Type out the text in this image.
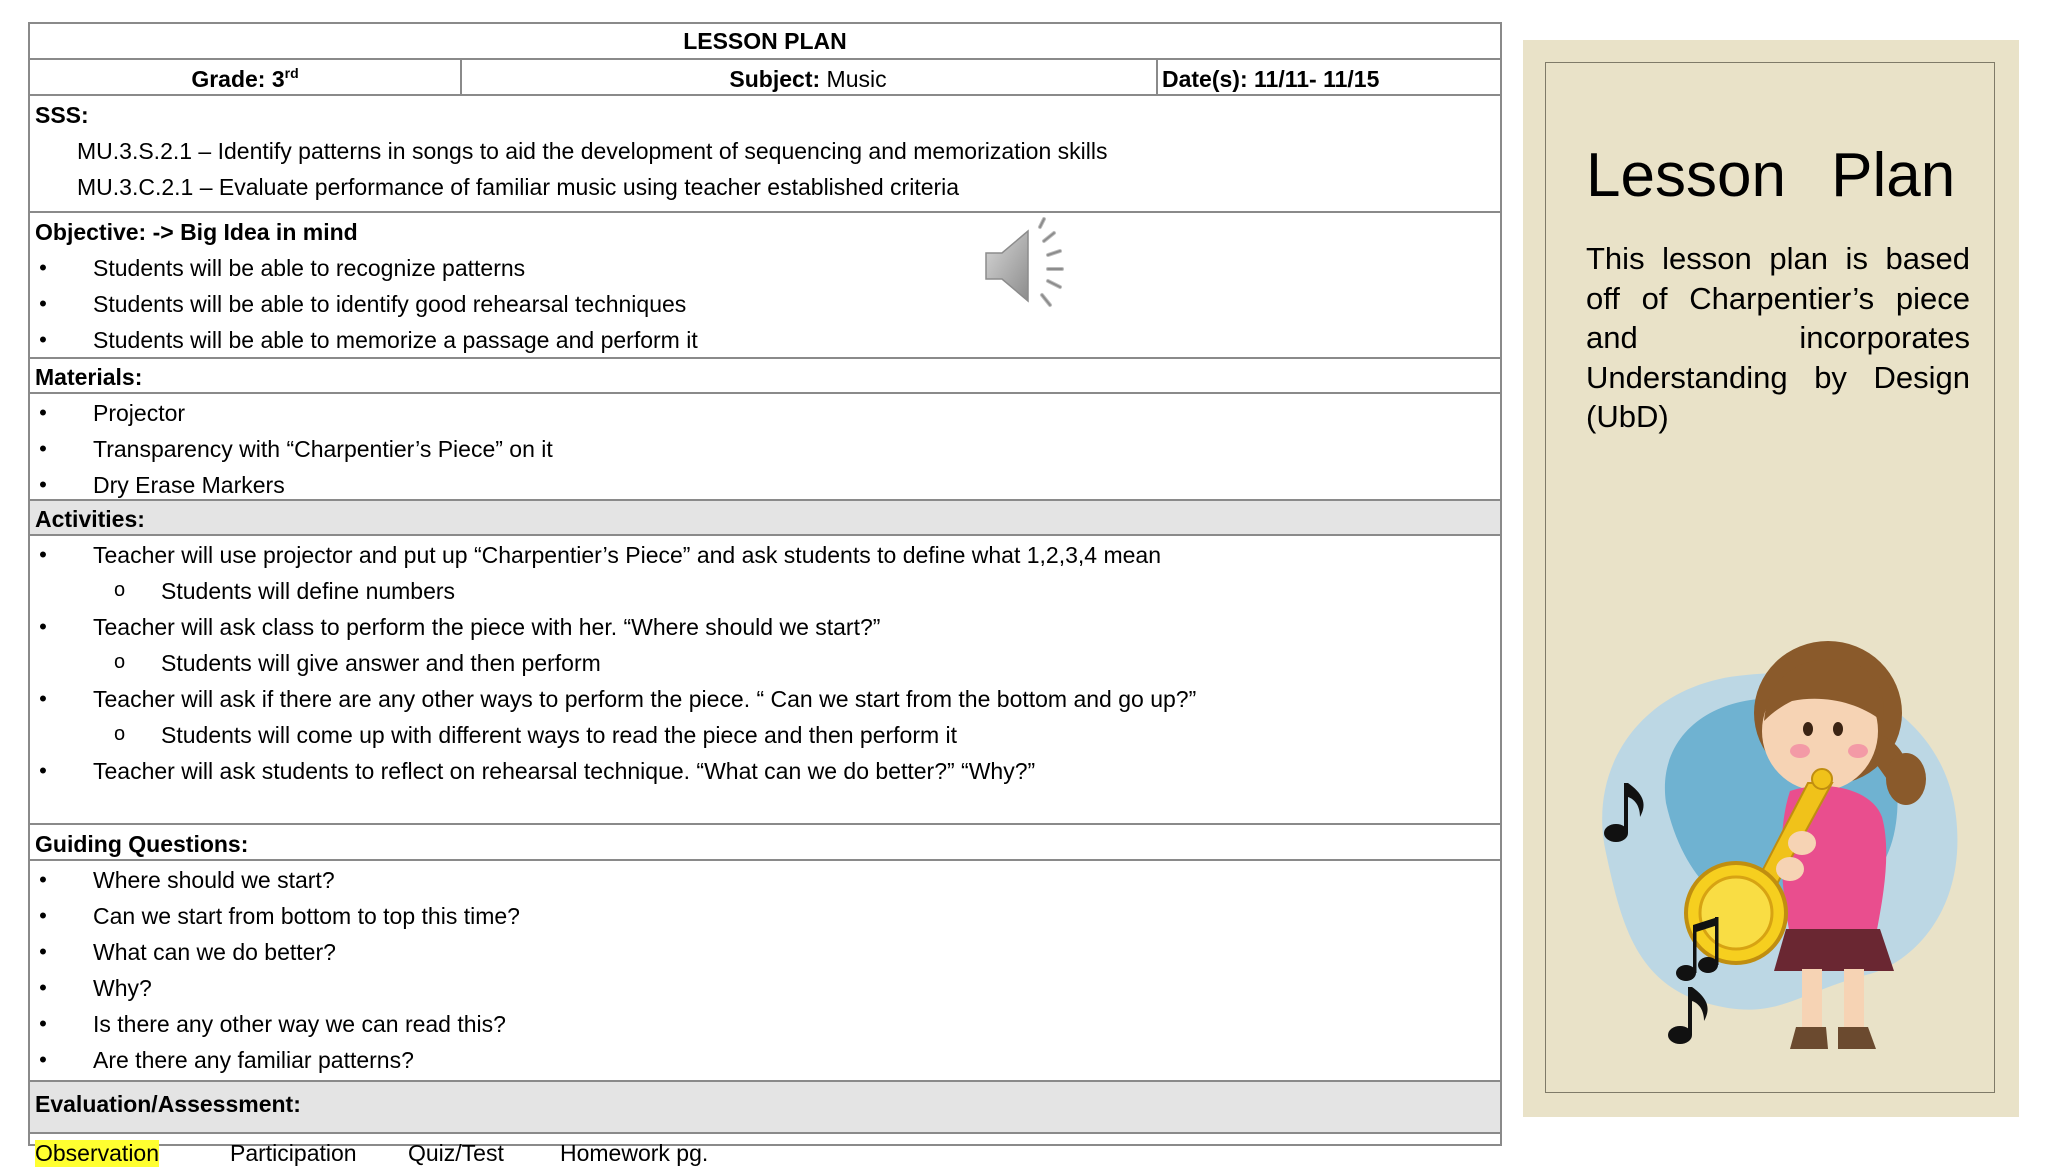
LESSON PLAN
Grade: 3rd	Subject: Music	Date(s): 11/11- 11/15
SSS:
MU.3.S.2.1 – Identify patterns in songs to aid the development of sequencing and memorization skills
MU.3.C.2.1 – Evaluate performance of familiar music using teacher established criteria
Objective: -> Big Idea in mind
• Students will be able to recognize patterns
• Students will be able to identify good rehearsal techniques
• Students will be able to memorize a passage and perform it
Materials:
• Projector
• Transparency with “Charpentier’s Piece” on it
• Dry Erase Markers
Activities:
• Teacher will use projector and put up “Charpentier’s Piece” and ask students to define what 1,2,3,4 mean
o Students will define numbers
• Teacher will ask class to perform the piece with her. “Where should we start?”
o Students will give answer and then perform
• Teacher will ask if there are any other ways to perform the piece. “ Can we start from the bottom and go up?”
o Students will come up with different ways to read the piece and then perform it
• Teacher will ask students to reflect on rehearsal technique. “What can we do better?” “Why?”
Guiding Questions:
• Where should we start?
• Can we start from bottom to top this time?
• What can we do better?
• Why?
• Is there any other way we can read this?
• Are there any familiar patterns?
Evaluation/Assessment:
Observation	Participation Quiz/Test Homework pg.
Lesson Plan
This lesson plan is based off of Charpentier’s piece and incorporates Understanding by Design (UbD)
